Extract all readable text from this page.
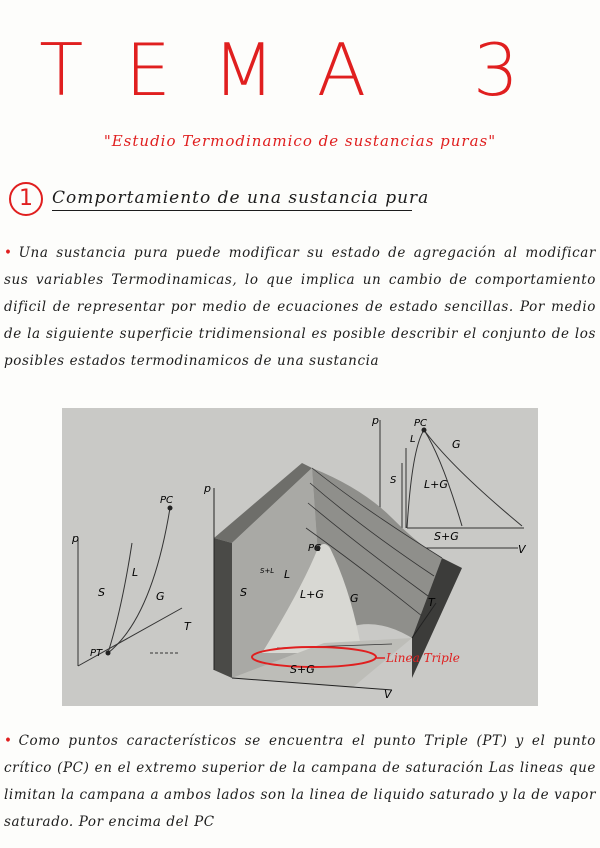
TEMA 3
"Estudio Termodinamico de sustancias puras"
1	Comportamiento de una sustancia pura
• Una sustancia pura puede modificar su estado de agregación al modificar sus variables Termodinamicas, lo que implica un cambio de comportamiento dificil de representar por medio de ecuaciones de estado sencillas. Por medio de la siguiente superficie tridimensional es posible describir el conjunto de los posibles estados termodinamicos de una sustancia
p
T
PC
PT
S
L
G
p
V
PC
L	G
S	L+G
S+G
p
V
T
PC
S
S+L L
L+G G
S+G
Linea Triple
• Como puntos característicos se encuentra el punto Triple (PT) y el punto crítico (PC) en el extremo superior de la campana de saturación Las lineas que limitan la campana a ambos lados son la linea de liquido saturado y la de vapor saturado. Por encima del PC
